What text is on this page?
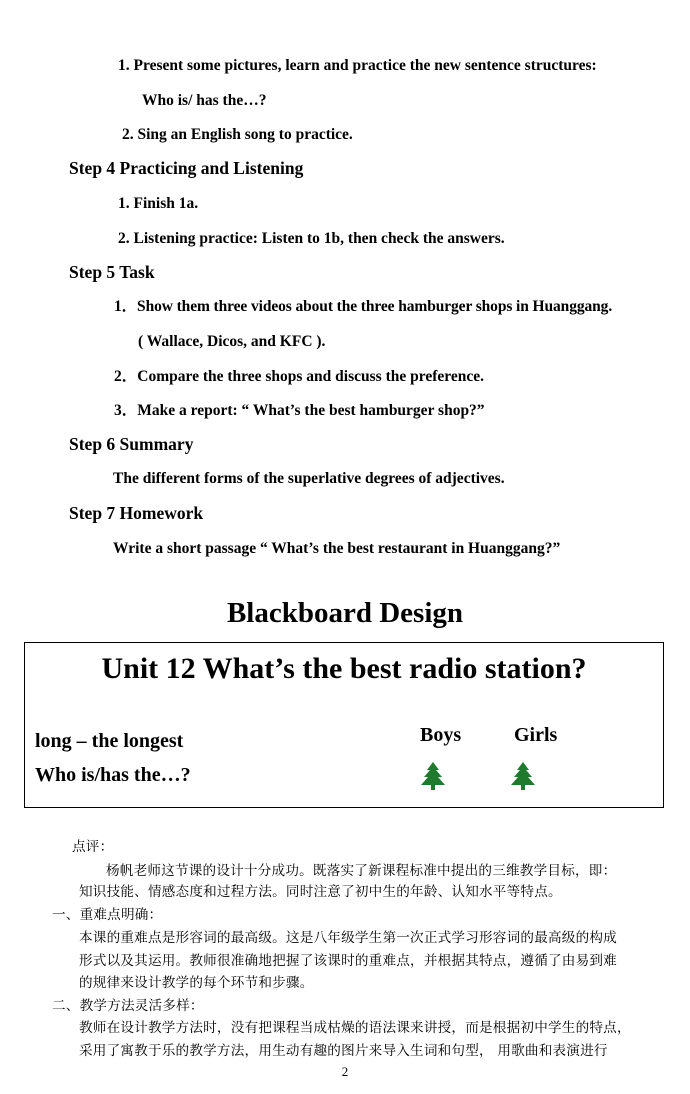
1. Present some pictures, learn and practice the new sentence structures:
Who is/ has the…?
2. Sing an English song to practice.
Step 4 Practicing and Listening
1. Finish 1a.
2. Listening practice: Listen to 1b, then check the answers.
Step 5 Task
1．Show them three videos about the three hamburger shops in Huanggang.
( Wallace, Dicos, and KFC ).
2．Compare the three shops and discuss the preference.
3．Make a report: “ What’s the best hamburger shop?”
Step 6 Summary
The different forms of the superlative degrees of adjectives.
Step 7 Homework
Write a short passage “ What’s the best restaurant in Huanggang?”
Blackboard Design
Unit 12 What’s the best radio station?
long – the longest
Who is/has the…?
Boys	Girls
点评：
杨帆老师这节课的设计十分成功。既落实了新课程标准中提出的三维教学目标，即：
知识技能、情感态度和过程方法。同时注意了初中生的年龄、认知水平等特点。
一、重难点明确：
本课的重难点是形容词的最高级。这是八年级学生第一次正式学习形容词的最高级的构成
形式以及其运用。教师很准确地把握了该课时的重难点，并根据其特点，遵循了由易到难
的规律来设计教学的每个环节和步骤。
二、教学方法灵活多样：
教师在设计教学方法时，没有把课程当成枯燥的语法课来讲授，而是根据初中学生的特点，
采用了寓教于乐的教学方法，用生动有趣的图片来导入生词和句型， 用歌曲和表演进行
2
